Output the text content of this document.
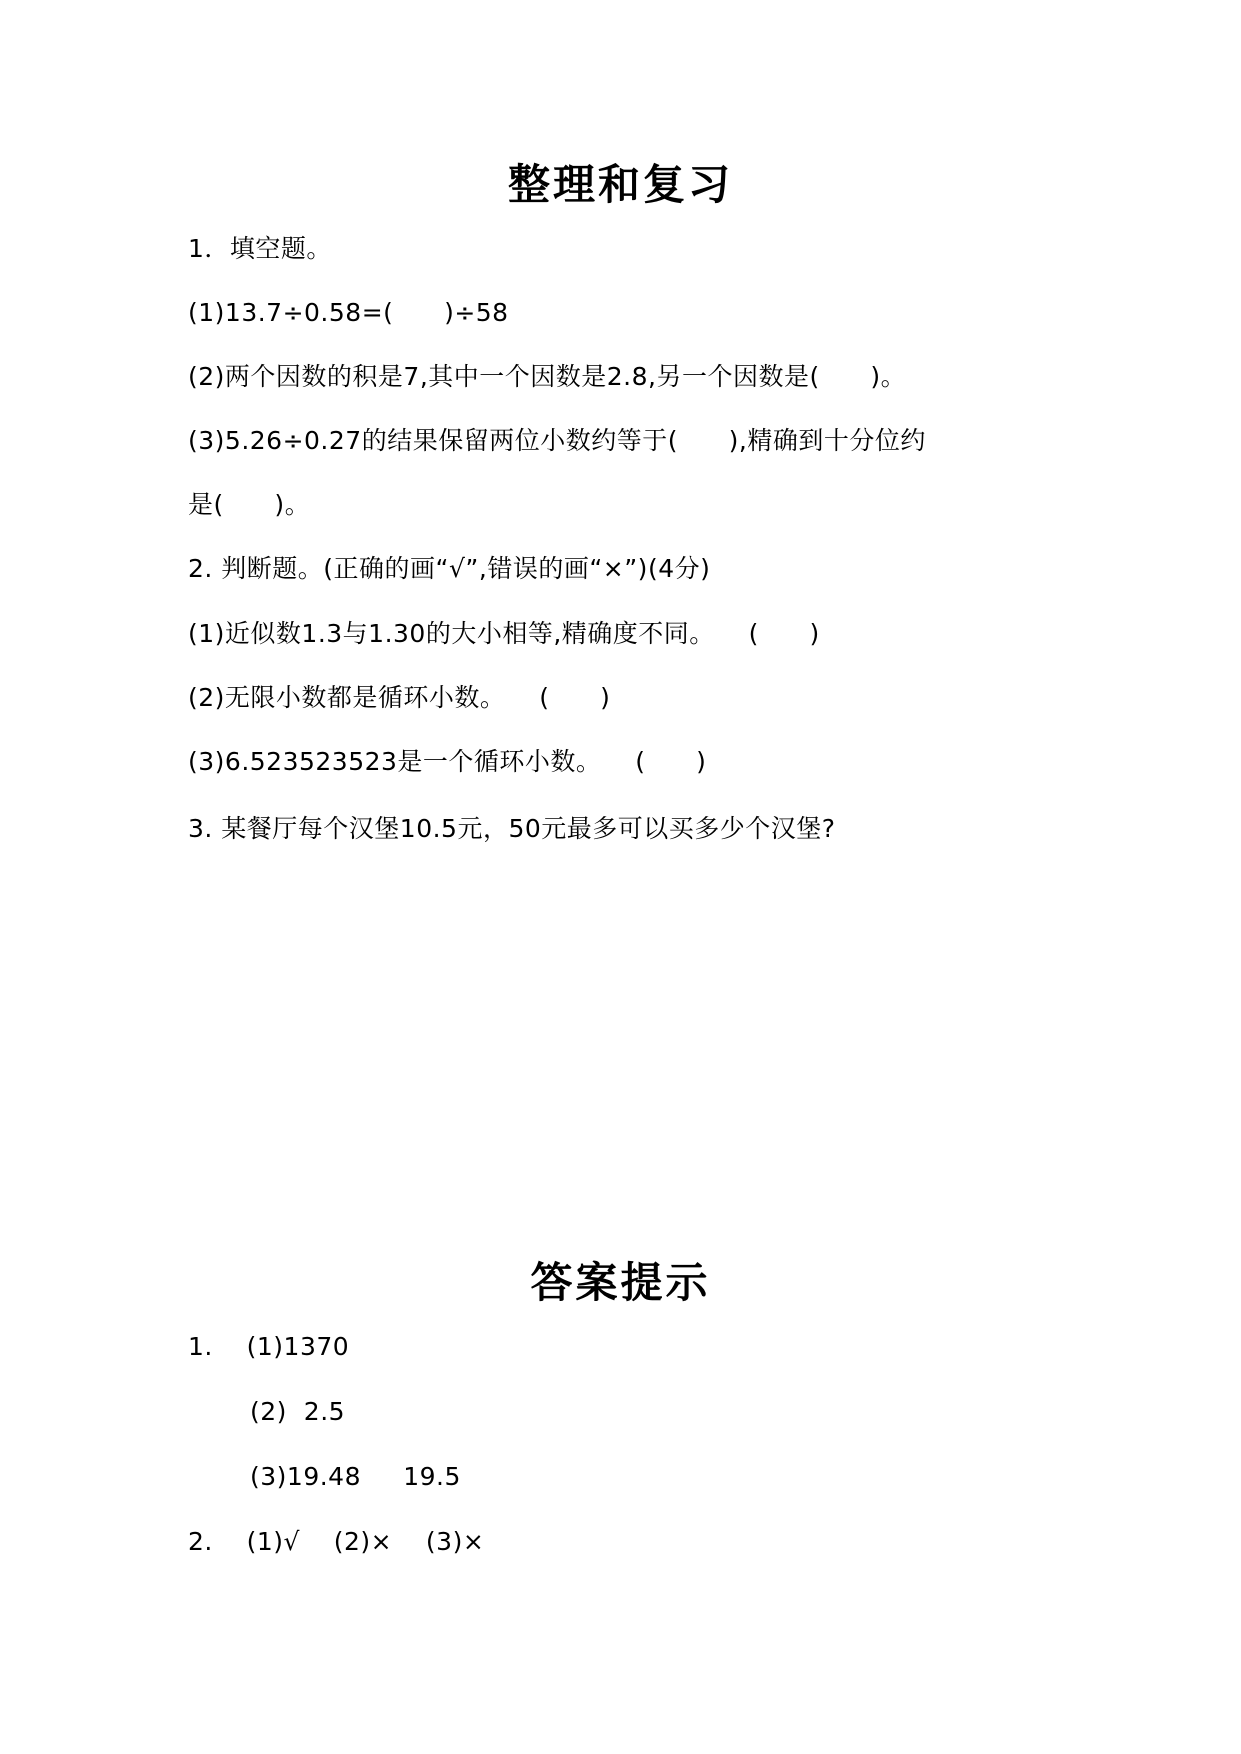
整理和复习
1．填空题。
(1)13.7÷0.58=(      )÷58
(2)两个因数的积是7,其中一个因数是2.8,另一个因数是(      )。
(3)5.26÷0.27的结果保留两位小数约等于(      ),精确到十分位约
是(      )。
2. 判断题。(正确的画“√”,错误的画“×”)(4分)
(1)近似数1.3与1.30的大小相等,精确度不同。    (      )
(2)无限小数都是循环小数。    (      )
(3)6.523523523是一个循环小数。    (      )
3. 某餐厅每个汉堡10.5元，50元最多可以买多少个汉堡?
答案提示
1.    (1)1370
(2)  2.5
(3)19.48     19.5
2.    (1)√    (2)×    (3)×
